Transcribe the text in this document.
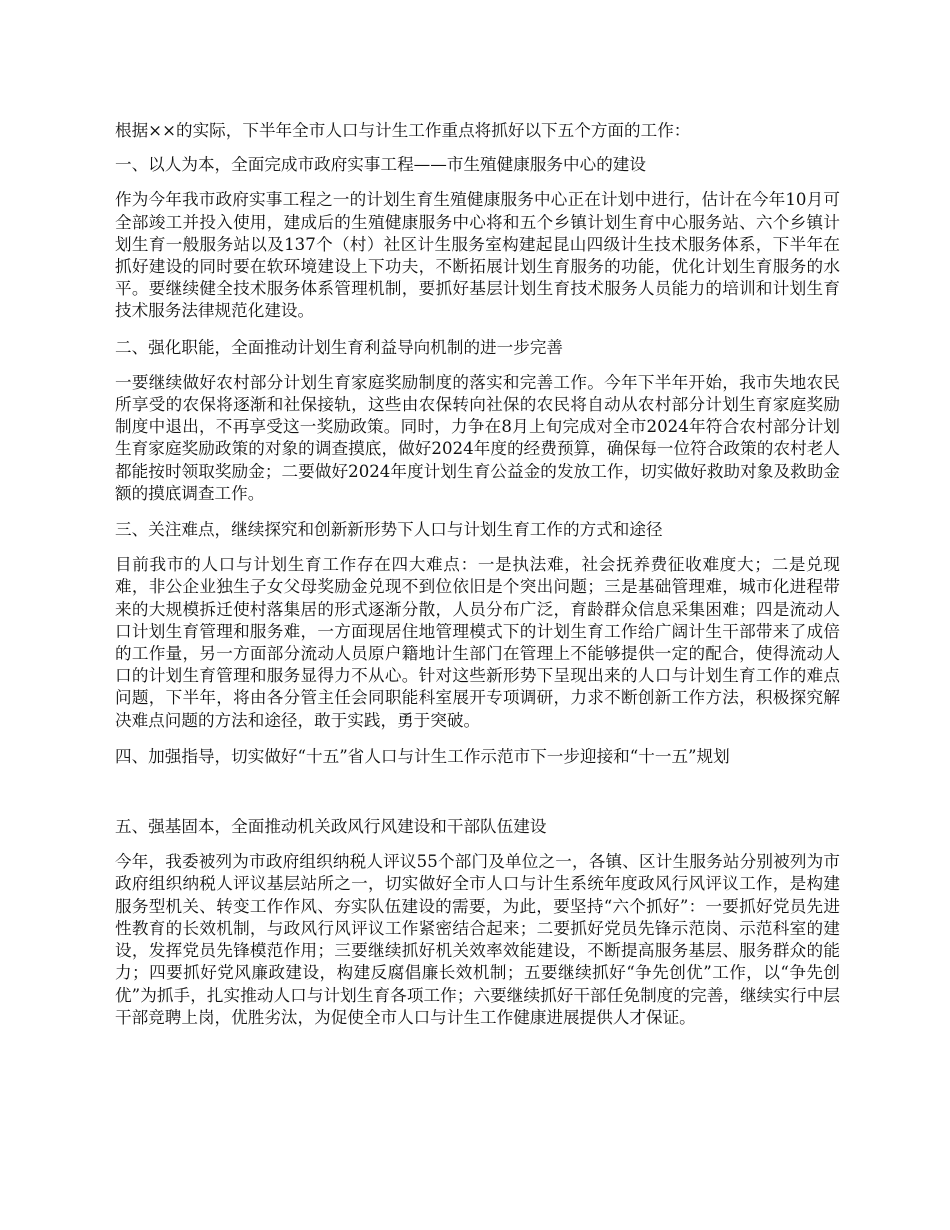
根据××的实际，下半年全市人口与计生工作重点将抓好以下五个方面的工作：

一、以人为本，全面完成市政府实事工程——市生殖健康服务中心的建设

作为今年我市政府实事工程之一的计划生育生殖健康服务中心正在计划中进行，估计在今年10月可全部竣工并投入使用，建成后的生殖健康服务中心将和五个乡镇计划生育中心服务站、六个乡镇计划生育一般服务站以及137个（村）社区计生服务室构建起昆山四级计生技术服务体系，下半年在抓好建设的同时要在软环境建设上下功夫，不断拓展计划生育服务的功能，优化计划生育服务的水平。要继续健全技术服务体系管理机制，要抓好基层计划生育技术服务人员能力的培训和计划生育技术服务法律规范化建设。

二、强化职能，全面推动计划生育利益导向机制的进一步完善

一要继续做好农村部分计划生育家庭奖励制度的落实和完善工作。今年下半年开始，我市失地农民所享受的农保将逐渐和社保接轨，这些由农保转向社保的农民将自动从农村部分计划生育家庭奖励制度中退出，不再享受这一奖励政策。同时，力争在8月上旬完成对全市2024年符合农村部分计划生育家庭奖励政策的对象的调查摸底，做好2024年度的经费预算，确保每一位符合政策的农村老人都能按时领取奖励金；二要做好2024年度计划生育公益金的发放工作，切实做好救助对象及救助金额的摸底调查工作。

三、关注难点，继续探究和创新新形势下人口与计划生育工作的方式和途径

目前我市的人口与计划生育工作存在四大难点：一是执法难，社会抚养费征收难度大；二是兑现难，非公企业独生子女父母奖励金兑现不到位依旧是个突出问题；三是基础管理难，城市化进程带来的大规模拆迁使村落集居的形式逐渐分散，人员分布广泛，育龄群众信息采集困难；四是流动人口计划生育管理和服务难，一方面现居住地管理模式下的计划生育工作给广阔计生干部带来了成倍的工作量，另一方面部分流动人员原户籍地计生部门在管理上不能够提供一定的配合，使得流动人口的计划生育管理和服务显得力不从心。针对这些新形势下呈现出来的人口与计划生育工作的难点问题，下半年，将由各分管主任会同职能科室展开专项调研，力求不断创新工作方法，积极探究解决难点问题的方法和途径，敢于实践，勇于突破。

四、加强指导，切实做好“十五”省人口与计生工作示范市下一步迎接和“十一五”规划

五、强基固本，全面推动机关政风行风建设和干部队伍建设

今年，我委被列为市政府组织纳税人评议55个部门及单位之一，各镇、区计生服务站分别被列为市政府组织纳税人评议基层站所之一，切实做好全市人口与计生系统年度政风行风评议工作，是构建服务型机关、转变工作作风、夯实队伍建设的需要，为此，要坚持“六个抓好”：一要抓好党员先进性教育的长效机制，与政风行风评议工作紧密结合起来；二要抓好党员先锋示范岗、示范科室的建设，发挥党员先锋模范作用；三要继续抓好机关效率效能建设，不断提高服务基层、服务群众的能力；四要抓好党风廉政建设，构建反腐倡廉长效机制；五要继续抓好“争先创优”工作，以“争先创优”为抓手，扎实推动人口与计划生育各项工作；六要继续抓好干部任免制度的完善，继续实行中层干部竞聘上岗，优胜劣汰，为促使全市人口与计生工作健康进展提供人才保证。
